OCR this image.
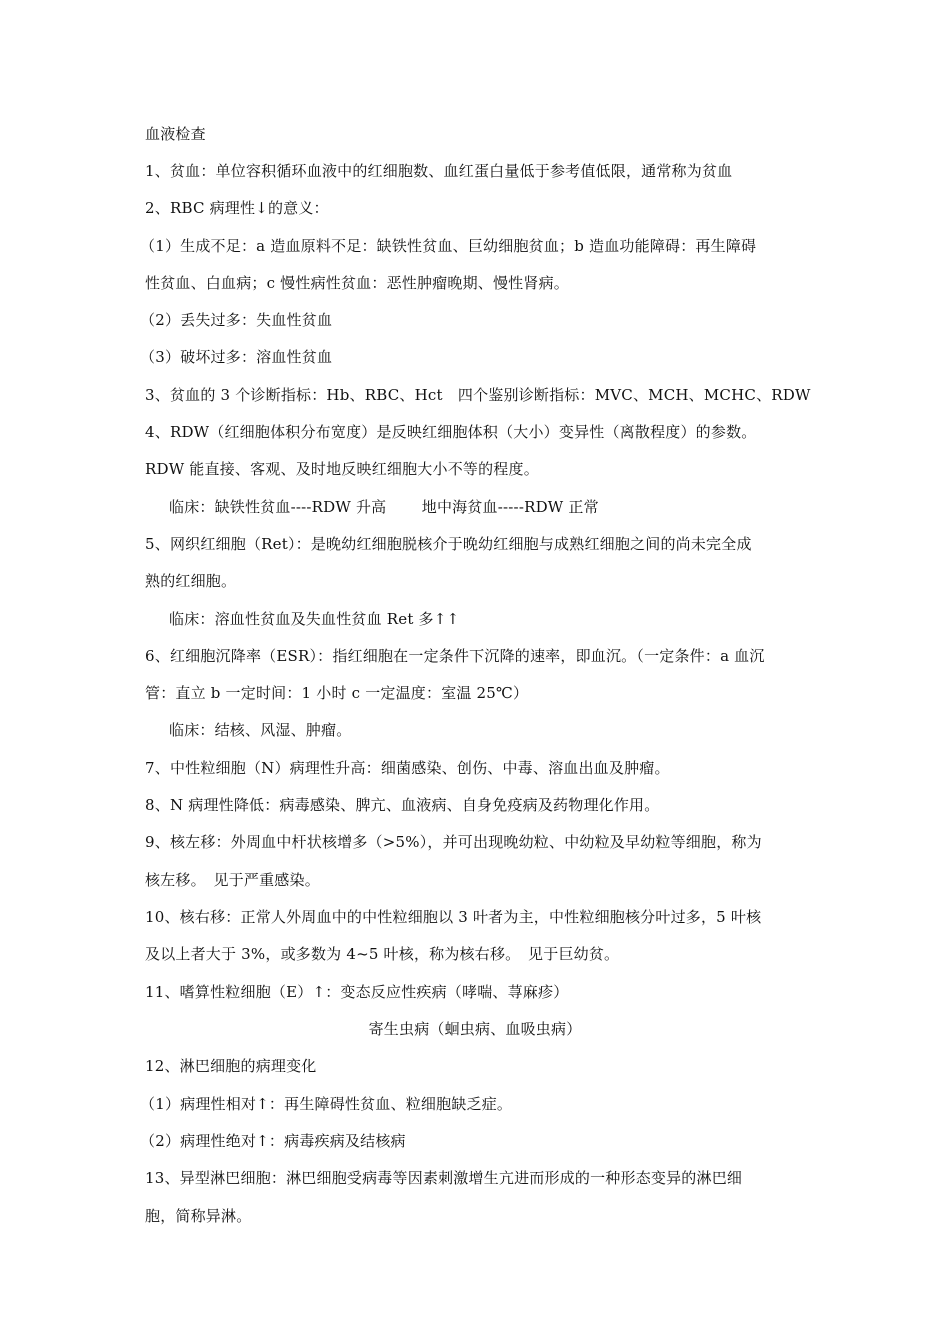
血液检查
1、贫血：单位容积循环血液中的红细胞数、血红蛋白量低于参考值低限，通常称为贫血
2、RBC 病理性↓的意义：
（1）生成不足：a 造血原料不足：缺铁性贫血、巨幼细胞贫血；b 造血功能障碍：再生障碍
性贫血、白血病；c 慢性病性贫血：恶性肿瘤晚期、慢性肾病。
（2）丢失过多：失血性贫血
（3）破坏过多：溶血性贫血
3、贫血的 3 个诊断指标：Hb、RBC、Hct　四个鉴别诊断指标：MVC、MCH、MCHC、RDW
4、RDW（红细胞体积分布宽度）是反映红细胞体积（大小）变异性（离散程度）的参数。
RDW 能直接、客观、及时地反映红细胞大小不等的程度。
临床：缺铁性贫血----RDW 升高　　 地中海贫血-----RDW 正常
5、网织红细胞（Ret）：是晚幼红细胞脱核介于晚幼红细胞与成熟红细胞之间的尚未完全成
熟的红细胞。
临床：溶血性贫血及失血性贫血 Ret 多↑↑
6、红细胞沉降率（ESR）：指红细胞在一定条件下沉降的速率，即血沉。（一定条件：a 血沉
管：直立 b 一定时间：1 小时 c 一定温度：室温 25℃）
临床：结核、风湿、肿瘤。
7、中性粒细胞（N）病理性升高：细菌感染、创伤、中毒、溶血出血及肿瘤。
8、N 病理性降低：病毒感染、脾亢、血液病、自身免疫病及药物理化作用。
9、核左移：外周血中杆状核增多（>5%），并可出现晚幼粒、中幼粒及早幼粒等细胞，称为
核左移。　见于严重感染。
10、核右移：正常人外周血中的中性粒细胞以 3 叶者为主，中性粒细胞核分叶过多，5 叶核
及以上者大于 3%，或多数为 4~5 叶核，称为核右移。　见于巨幼贫。
11、嗜算性粒细胞（E）↑：变态反应性疾病（哮喘、荨麻疹）
寄生虫病（蛔虫病、血吸虫病）
12、淋巴细胞的病理变化
（1）病理性相对↑：再生障碍性贫血、粒细胞缺乏症。
（2）病理性绝对↑：病毒疾病及结核病
13、异型淋巴细胞：淋巴细胞受病毒等因素刺激增生亢进而形成的一种形态变异的淋巴细
胞，简称异淋。
